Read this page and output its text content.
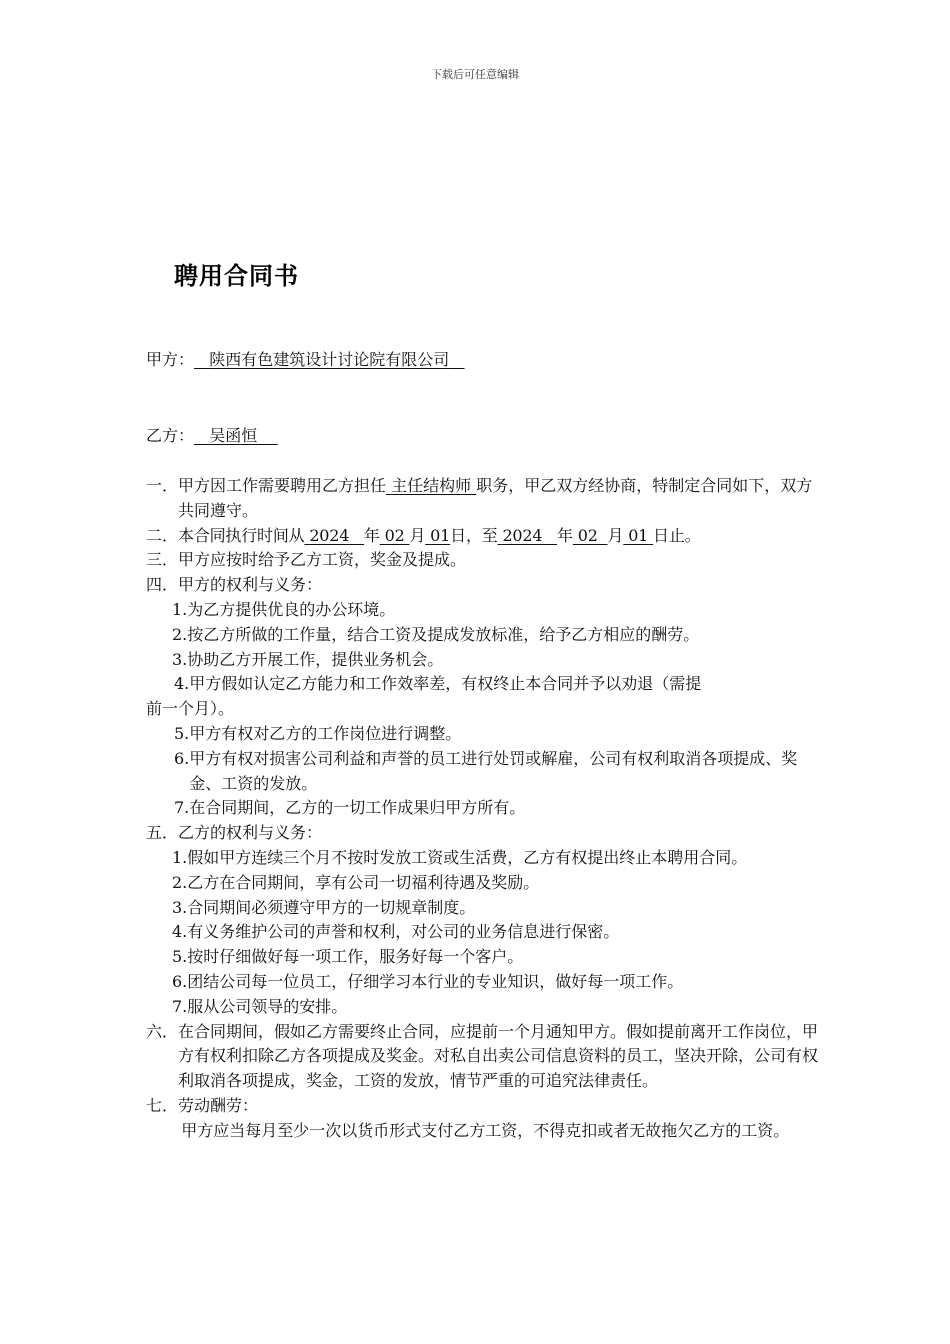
下载后可任意编辑
聘用合同书
甲方： 陕西有色建筑设计讨论院有限公司
乙方： 吴函恒
一． 甲方因工作需要聘用乙方担任 主任结构师 职务，甲乙双方经协商，特制定合同如下，双方共同遵守。
二． 本合同执行时间从 2024 年 02 月 01日，至 2024 年 02 月 01 日止。
三． 甲方应按时给予乙方工资，奖金及提成。
四． 甲方的权利与义务：
1. 为乙方提供优良的办公环境。
2. 按乙方所做的工作量，结合工资及提成发放标准，给予乙方相应的酬劳。
3. 协助乙方开展工作，提供业务机会。
4.甲方假如认定乙方能力和工作效率差，有权终止本合同并予以劝退（需提
前一个月）。
5. 甲方有权对乙方的工作岗位进行调整。
6. 甲方有权对损害公司利益和声誉的员工进行处罚或解雇，公司有权利取消各项提成、奖金、工资的发放。
7. 在合同期间，乙方的一切工作成果归甲方所有。
五． 乙方的权利与义务：
1. 假如甲方连续三个月不按时发放工资或生活费，乙方有权提出终止本聘用合同。
2. 乙方在合同期间，享有公司一切福利待遇及奖励。
3. 合同期间必须遵守甲方的一切规章制度。
4. 有义务维护公司的声誉和权利，对公司的业务信息进行保密。
5. 按时仔细做好每一项工作，服务好每一个客户。
6. 团结公司每一位员工，仔细学习本行业的专业知识，做好每一项工作。
7. 服从公司领导的安排。
六． 在合同期间，假如乙方需要终止合同，应提前一个月通知甲方。假如提前离开工作岗位，甲方有权利扣除乙方各项提成及奖金。对私自出卖公司信息资料的员工，坚决开除，公司有权利取消各项提成，奖金，工资的发放，情节严重的可追究法律责任。
七． 劳动酬劳：
甲方应当每月至少一次以货币形式支付乙方工资，不得克扣或者无故拖欠乙方的工资。
